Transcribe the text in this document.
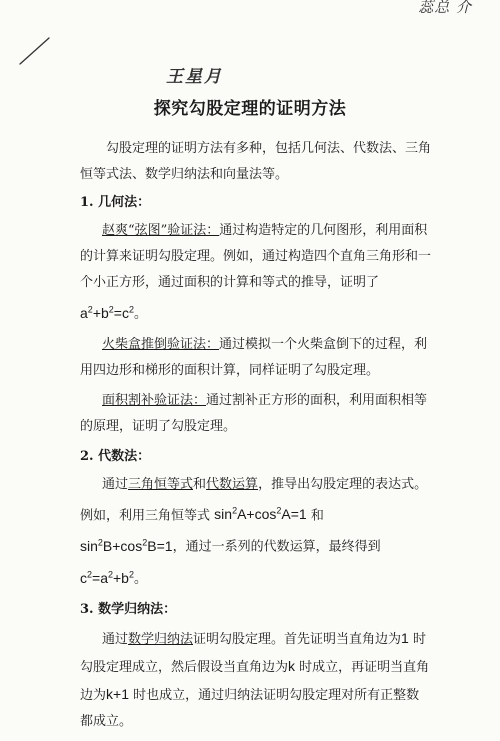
蕊总 介
王星月
探究勾股定理的证明方法

勾股定理的证明方法有多种，包括几何法、代数法、三角恒等式法、数学归纳法和向量法等。

1. 几何法：

赵爽“弦图”验证法：通过构造特定的几何图形，利用面积的计算来证明勾股定理。例如，通过构造四个直角三角形和一个小正方形，通过面积的计算和等式的推导，证明了 $a^2+b^2=c^2$。

火柴盒推倒验证法：通过模拟一个火柴盒倒下的过程，利用四边形和梯形的面积计算，同样证明了勾股定理。

面积割补验证法：通过割补正方形的面积，利用面积相等的原理，证明了勾股定理。

2. 代数法：

通过三角恒等式和代数运算，推导出勾股定理的表达式。例如，利用三角恒等式 $\sin^2A+\cos^2A=1$ 和 $\sin^2B+\cos^2B=1$，通过一系列的代数运算，最终得到$c^2=a^2+b^2$。

3. 数学归纳法：

通过数学归纳法证明勾股定理。首先证明当直角边为1 时勾股定理成立，然后假设当直角边为k 时成立，再证明当直角边为k+1 时也成立，通过归纳法证明勾股定理对所有正整数都成立。
